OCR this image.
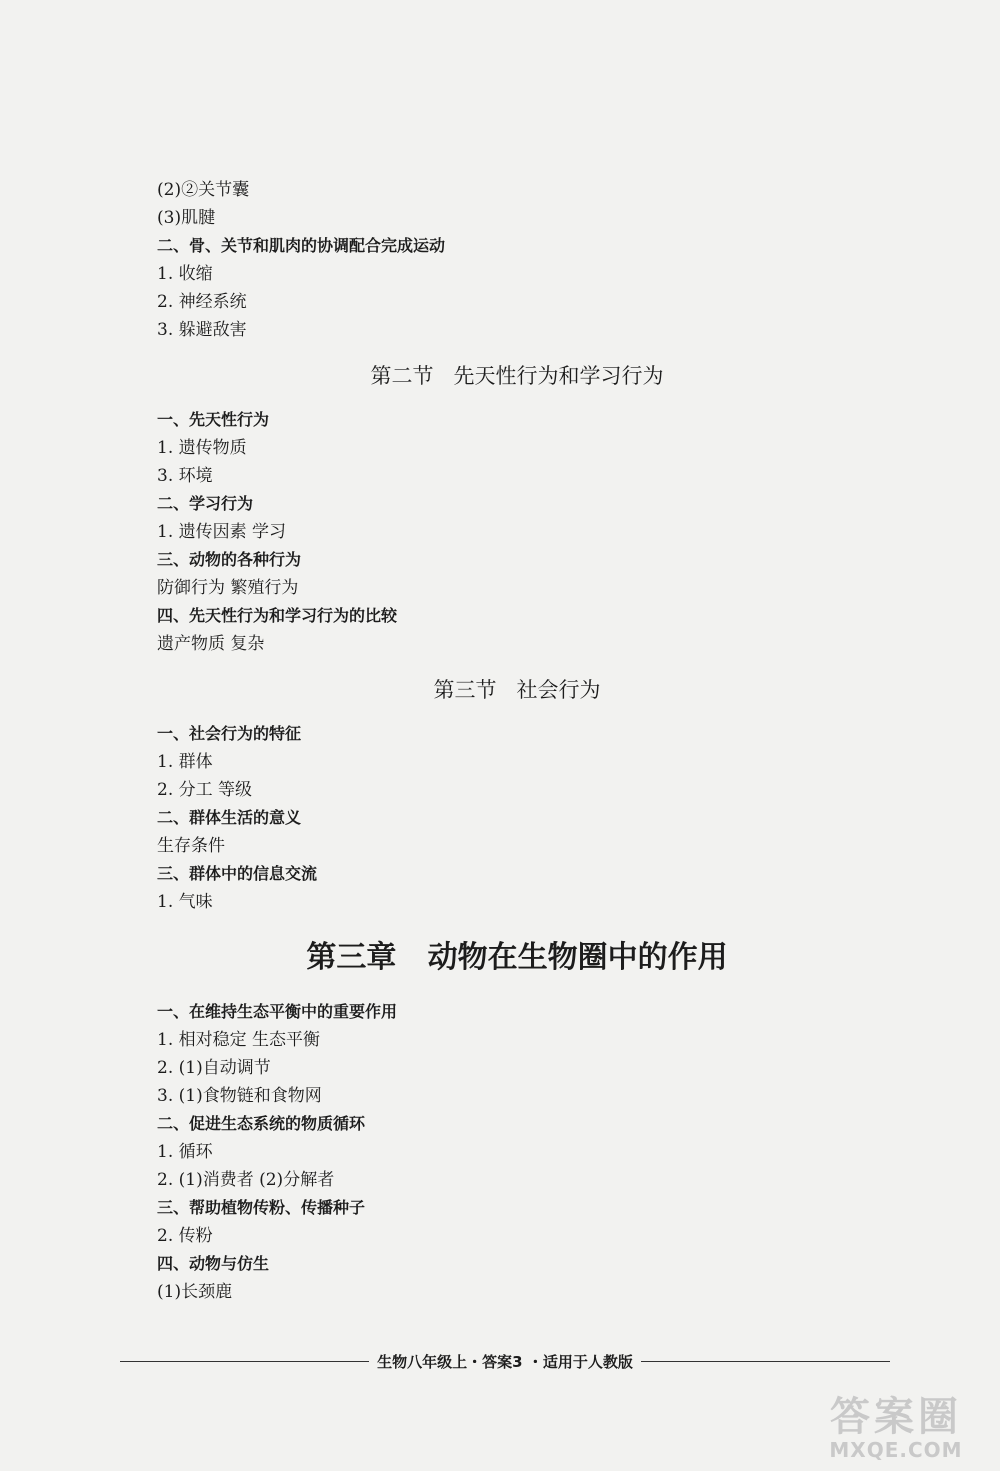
(2)②关节囊
(3)肌腱
二、骨、关节和肌肉的协调配合完成运动
1. 收缩
2. 神经系统
3. 躲避敌害
第二节   先天性行为和学习行为
一、先天性行为
1. 遗传物质
3. 环境
二、学习行为
1. 遗传因素 学习
三、动物的各种行为
防御行为 繁殖行为
四、先天性行为和学习行为的比较
遗产物质 复杂
第三节   社会行为
一、社会行为的特征
1. 群体
2. 分工 等级
二、群体生活的意义
生存条件
三、群体中的信息交流
1. 气味
第三章   动物在生物圈中的作用
一、在维持生态平衡中的重要作用
1. 相对稳定 生态平衡
2. (1)自动调节
3. (1)食物链和食物网
二、促进生态系统的物质循环
1. 循环
2. (1)消费者 (2)分解者
三、帮助植物传粉、传播种子
2. 传粉
四、动物与仿生
(1)长颈鹿
生物八年级上・答案3 ・适用于人教版
答案圈
MXQE.COM
